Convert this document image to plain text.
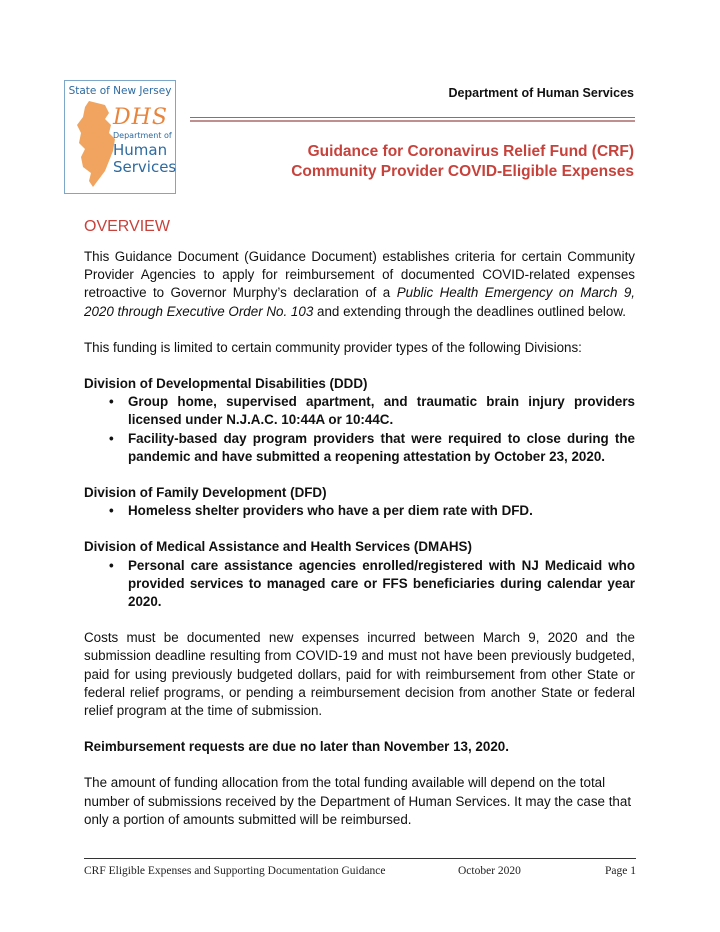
State of New Jersey
DHS
Department of
Human
Services
Department of Human Services
Guidance for Coronavirus Relief Fund (CRF)
Community Provider COVID-Eligible Expenses
OVERVIEW

This Guidance Document (Guidance Document) establishes criteria for certain Community Provider Agencies to apply for reimbursement of documented COVID-related expenses retroactive to Governor Murphy’s declaration of a Public Health Emergency on March 9, 2020 through Executive Order No. 103 and extending through the deadlines outlined below.

This funding is limited to certain community provider types of the following Divisions:

Division of Developmental Disabilities (DDD)
• Group home, supervised apartment, and traumatic brain injury providers licensed under N.J.A.C. 10:44A or 10:44C.
• Facility-based day program providers that were required to close during the pandemic and have submitted a reopening attestation by October 23, 2020.
Division of Family Development (DFD)
• Homeless shelter providers who have a per diem rate with DFD.
Division of Medical Assistance and Health Services (DMAHS)
• Personal care assistance agencies enrolled/registered with NJ Medicaid who provided services to managed care or FFS beneficiaries during calendar year 2020.

Costs must be documented new expenses incurred between March 9, 2020 and the submission deadline resulting from COVID-19 and must not have been previously budgeted, paid for using previously budgeted dollars, paid for with reimbursement from other State or federal relief programs, or pending a reimbursement decision from another State or federal relief program at the time of submission.

Reimbursement requests are due no later than November 13, 2020.

The amount of funding allocation from the total funding available will depend on the total number of submissions received by the Department of Human Services. It may the case that only a portion of amounts submitted will be reimbursed.

CRF Eligible Expenses and Supporting Documentation Guidance	October 2020	Page 1
